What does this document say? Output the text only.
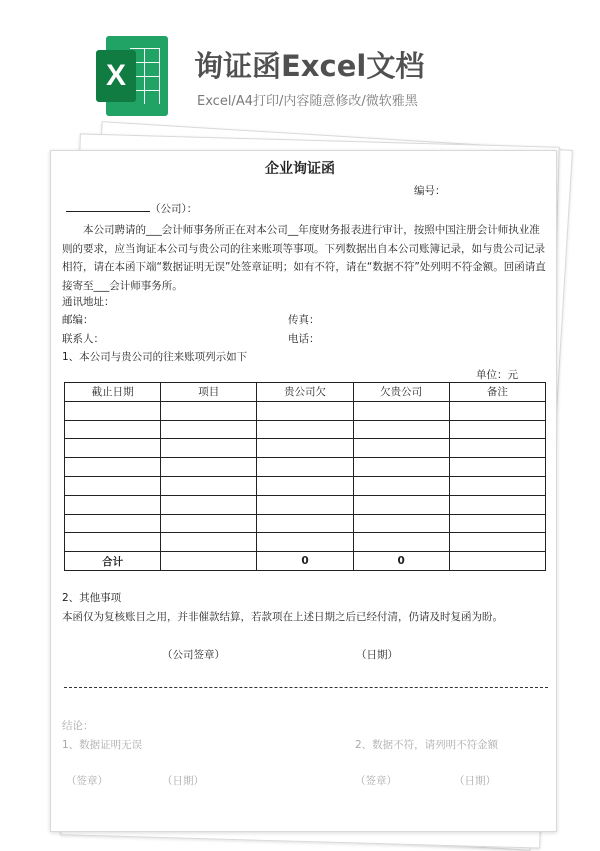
X	询证函Excel文档
Excel/A4打印/内容随意修改/微软雅黑
企业询证函
编号：
（公司）：
本公司聘请的___会计师事务所正在对本公司__年度财务报表进行审计，按照中国注册会计师执业准则的要求，应当询证本公司与贵公司的往来账项等事项。下列数据出自本公司账簿记录，如与贵公司记录相符，请在本函下端“数据证明无误”处签章证明；如有不符，请在“数据不符”处列明不符金额。回函请直接寄至___会计师事务所。
通讯地址：
邮编：	传真：
联系人：	电话：
1、本公司与贵公司的往来账项列示如下
单位：元
截止日期	项目	贵公司欠	欠贵公司	备注

合计		0	0	
2、其他事项
本函仅为复核账目之用，并非催款结算，若款项在上述日期之后已经付清，仍请及时复函为盼。
（公司签章）	（日期）
结论：
1、数据证明无误	2、数据不符，请列明不符金额
（签章）	（日期）	（签章）	（日期）
